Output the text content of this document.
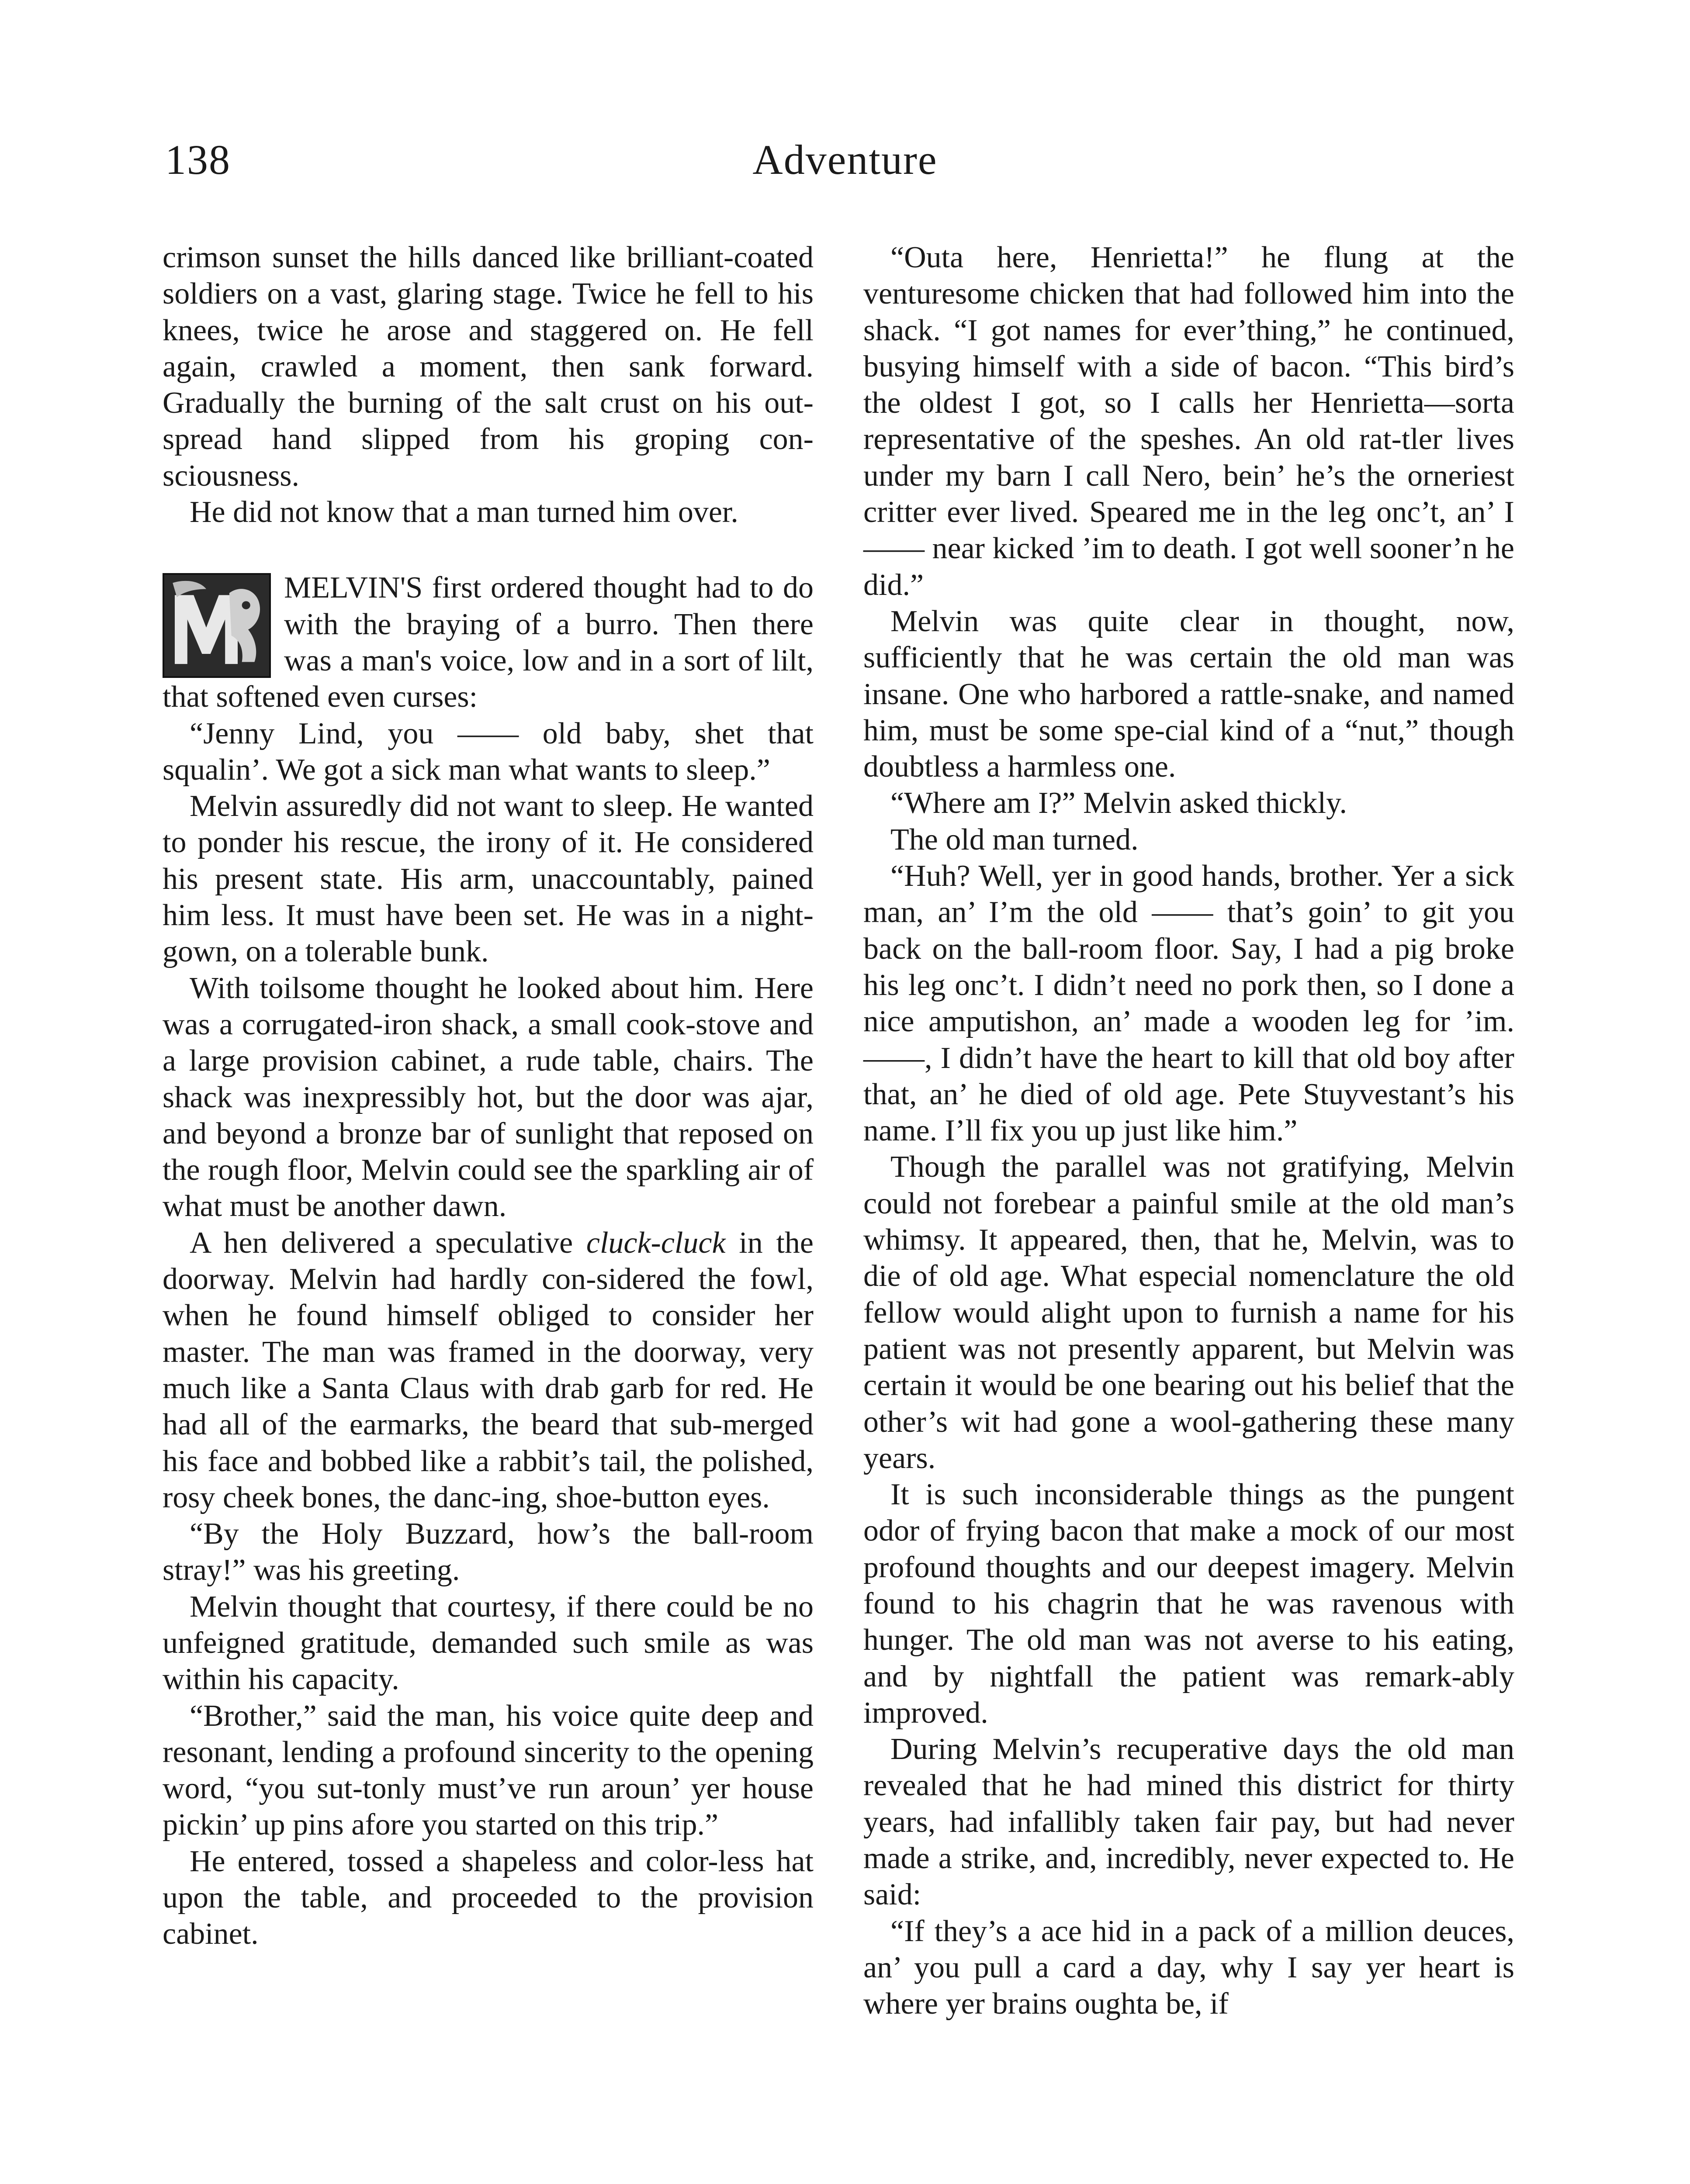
138	Adventure

crimson sunset the hills danced like brilliant-coated soldiers on a vast, glaring stage. Twice he fell to his knees, twice he arose and staggered on. He fell again, crawled a moment, then sank forward. Gradually the burning of the salt crust on his out-spread hand slipped from his groping con-sciousness.

He did not know that a man turned him over.

MELVIN'S first ordered thought had to do with the braying of a burro. Then there was a man's voice, low and in a sort of lilt, that softened even curses:

“Jenny Lind, you —— old baby, shet that squalin’. We got a sick man what wants to sleep.”

Melvin assuredly did not want to sleep. He wanted to ponder his rescue, the irony of it. He considered his present state. His arm, unaccountably, pained him less. It must have been set. He was in a night-gown, on a tolerable bunk.

With toilsome thought he looked about him. Here was a corrugated-iron shack, a small cook-stove and a large provision cabinet, a rude table, chairs. The shack was inexpressibly hot, but the door was ajar, and beyond a bronze bar of sunlight that reposed on the rough floor, Melvin could see the sparkling air of what must be another dawn.

A hen delivered a speculative cluck-cluck in the doorway. Melvin had hardly con-sidered the fowl, when he found himself obliged to consider her master. The man was framed in the doorway, very much like a Santa Claus with drab garb for red. He had all of the earmarks, the beard that sub-merged his face and bobbed like a rabbit’s tail, the polished, rosy cheek bones, the danc-ing, shoe-button eyes.

“By the Holy Buzzard, how’s the ball-room stray!” was his greeting.

Melvin thought that courtesy, if there could be no unfeigned gratitude, demanded such smile as was within his capacity.

“Brother,” said the man, his voice quite deep and resonant, lending a profound sincerity to the opening word, “you sut-tonly must’ve run aroun’ yer house pickin’ up pins afore you started on this trip.”

He entered, tossed a shapeless and color-less hat upon the table, and proceeded to the provision cabinet.

“Outa here, Henrietta!” he flung at the venturesome chicken that had followed him into the shack. “I got names for ever’thing,” he continued, busying himself with a side of bacon. “This bird’s the oldest I got, so I calls her Henrietta—sorta representative of the speshes. An old rat-tler lives under my barn I call Nero, bein’ he’s the orneriest critter ever lived. Speared me in the leg onc’t, an’ I —— near kicked ’im to death. I got well sooner’n he did.”

Melvin was quite clear in thought, now, sufficiently that he was certain the old man was insane. One who harbored a rattle-snake, and named him, must be some spe-cial kind of a “nut,” though doubtless a harmless one.

“Where am I?” Melvin asked thickly.

The old man turned.

“Huh? Well, yer in good hands, brother. Yer a sick man, an’ I’m the old —— that’s goin’ to git you back on the ball-room floor. Say, I had a pig broke his leg onc’t. I didn’t need no pork then, so I done a nice amputishon, an’ made a wooden leg for ’im. ——, I didn’t have the heart to kill that old boy after that, an’ he died of old age. Pete Stuyvestant’s his name. I’ll fix you up just like him.”

Though the parallel was not gratifying, Melvin could not forebear a painful smile at the old man’s whimsy. It appeared, then, that he, Melvin, was to die of old age. What especial nomenclature the old fellow would alight upon to furnish a name for his patient was not presently apparent, but Melvin was certain it would be one bearing out his belief that the other’s wit had gone a wool-gathering these many years.

It is such inconsiderable things as the pungent odor of frying bacon that make a mock of our most profound thoughts and our deepest imagery. Melvin found to his chagrin that he was ravenous with hunger. The old man was not averse to his eating, and by nightfall the patient was remark-ably improved.

During Melvin’s recuperative days the old man revealed that he had mined this district for thirty years, had infallibly taken fair pay, but had never made a strike, and, incredibly, never expected to. He said:

“If they’s a ace hid in a pack of a million deuces, an’ you pull a card a day, why I say yer heart is where yer brains oughta be, if
